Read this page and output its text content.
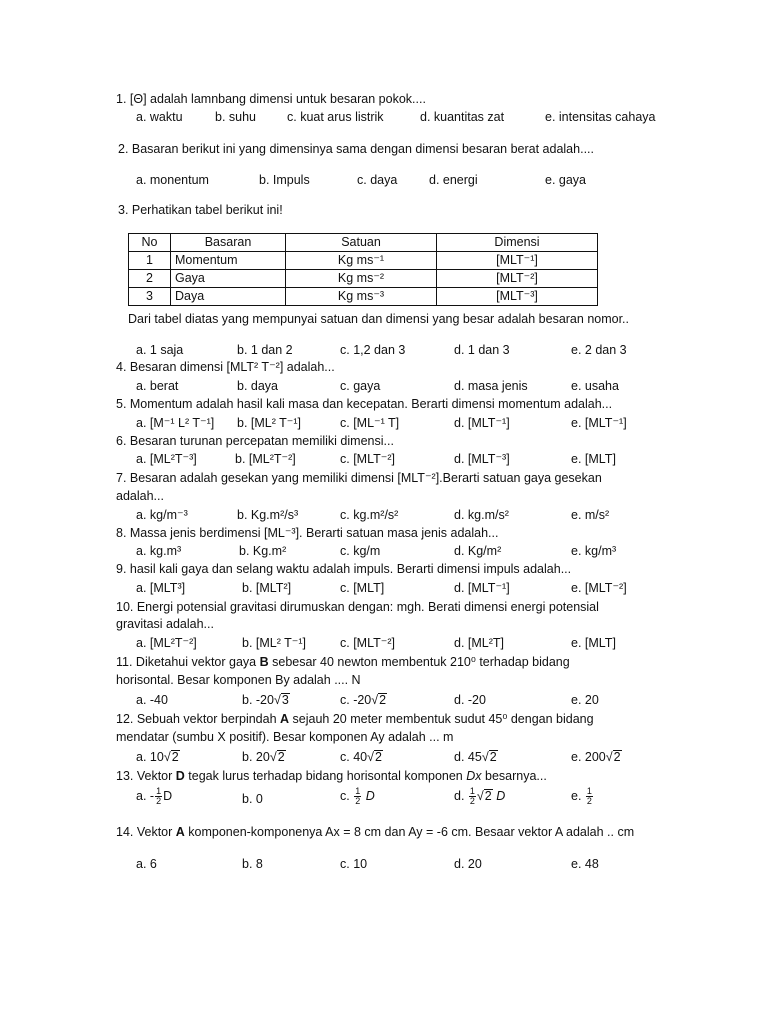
1. [Θ] adalah lamnbang dimensi untuk besaran pokok....
a. waktu	b. suhu c. kuat arus listrik	d. kuantitas zat	e. intensitas cahaya
2. Basaran berikut ini yang dimensinya sama dengan dimensi besaran berat adalah....
a. monentum	b. Impuls	c. daya	d. energi	e. gaya
3. Perhatikan tabel berikut ini!
No	Basaran	Satuan	Dimensi
1	Momentum	Kg ms⁻¹	[MLT⁻¹]
2	Gaya	Kg ms⁻²	[MLT⁻²]
3	Daya	Kg ms⁻³	[MLT⁻³]
Dari tabel diatas yang mempunyai satuan dan dimensi yang besar adalah besaran nomor..
a. 1 saja	b. 1 dan 2	c. 1,2 dan 3	d. 1 dan 3	e. 2 dan 3
4. Besaran dimensi [MLT² T⁻²] adalah...
a. berat	b. daya	c. gaya	d. masa jenis	e. usaha
5. Momentum adalah hasil kali masa dan kecepatan. Berarti dimensi momentum adalah...
a. [M⁻¹ L² T⁻¹] b. [ML² T⁻¹]	c. [ML⁻¹ T]	d. [MLT⁻¹]	e. [MLT⁻¹]
6. Besaran turunan percepatan memiliki dimensi...
a. [ML²T⁻³]	b. [ML²T⁻²]	c. [MLT⁻²]	d. [MLT⁻³]	e. [MLT]
7. Besaran adalah gesekan yang memiliki dimensi [MLT⁻²].Berarti satuan gaya gesekan
adalah...
a. kg/m⁻³	b. Kg.m²/s³	c. kg.m²/s²	d. kg.m/s²	e. m/s²
8. Massa jenis berdimensi [ML⁻³]. Berarti satuan masa jenis adalah...
a. kg.m³	b. Kg.m²	c. kg/m	d. Kg/m²	e. kg/m³
9. hasil kali gaya dan selang waktu adalah impuls. Berarti dimensi impuls adalah...
a. [MLT³]	b. [MLT²]	c. [MLT]	d. [MLT⁻¹]	e. [MLT⁻²]
10. Energi potensial gravitasi dirumuskan dengan: mgh. Berati dimensi energi potensial
gravitasi adalah...
a. [ML²T⁻²]	b. [ML² T⁻¹]	c. [MLT⁻²]	d. [ML²T]	e. [MLT]
11. Diketahui vektor gaya B sebesar 40 newton membentuk 210⁰ terhadap bidang
horisontal. Besar komponen By adalah .... N
a. -40	b. -20√3	c. -20√2	d. -20	e. 20
12. Sebuah vektor berpindah A sejauh 20 meter membentuk sudut 45⁰ dengan bidang
mendatar (sumbu X positif). Besar komponen Ay adalah ... m
a. 10√2	b. 20√2	c. 40√2	d. 45√2	e. 200√2
13. Vektor D tegak lurus terhadap bidang horisontal komponen Dx besarnya...
a. - $\frac{1}{2}$ D	b. 0	c. $\frac{1}{2}$ D	d. $\frac{1}{2} √2$ D	e. $\frac{1}{2}$
14. Vektor A komponen-komponenya Ax = 8 cm dan Ay = -6 cm. Besaar vektor A adalah .. cm
a. 6	b. 8	c. 10	d. 20	e. 48
